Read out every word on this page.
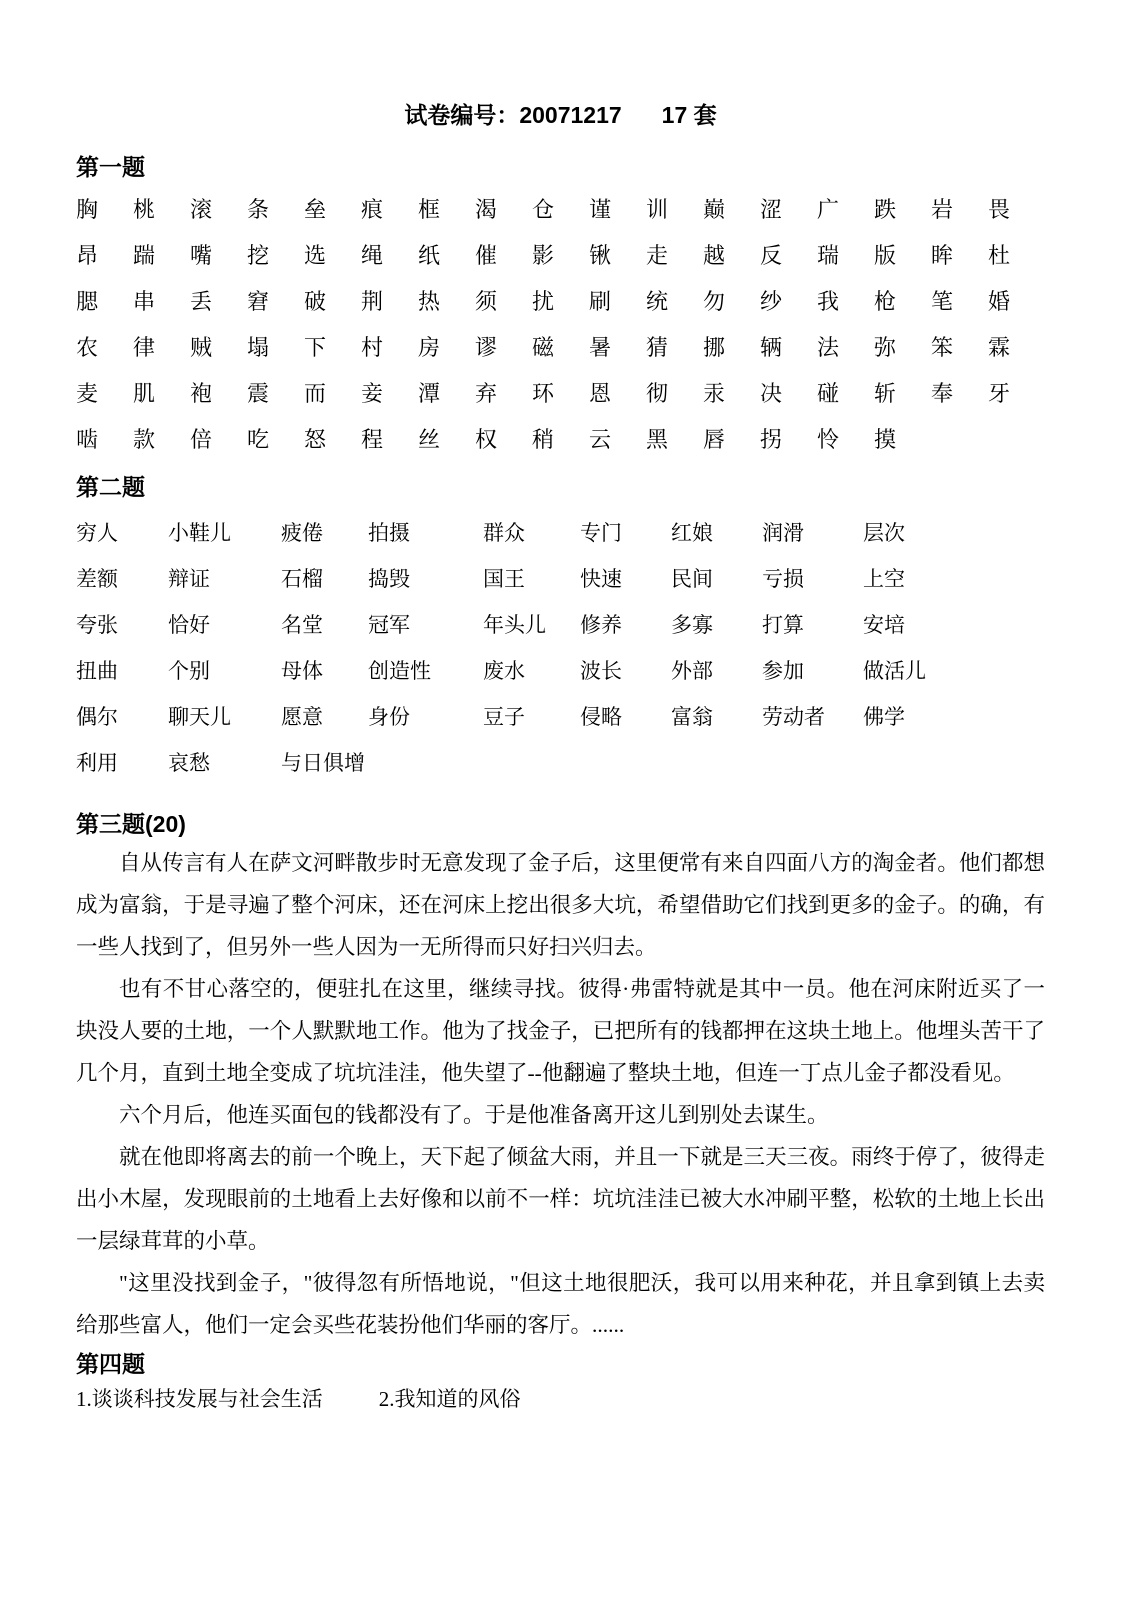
试卷编号：20071217 17 套
第一题
胸	桃	滚	条	垒	痕	框	渴	仓	谨	训	巅	涩	广	跌	岩	畏
昂	踹	嘴	挖	选	绳	纸	催	影	锹	走	越	反	瑞	版	眸	杜
腮	串	丢	窘	破	荆	热	须	扰	刷	统	勿	纱	我	枪	笔	婚
农	律	贼	塌	下	村	房	谬	磁	暑	猜	挪	辆	法	弥	笨	霖
麦	肌	袍	震	而	妾	潭	弃	环	恩	彻	汞	决	碰	斩	奉	牙
啮	款	倍	吃	怒	程	丝	权	稍	云	黑	唇	拐	怜	摸
第二题
穷人	小鞋儿	疲倦	拍摄	群众	专门	红娘	润滑	层次
差额	辩证	石榴	捣毁	国王	快速	民间	亏损	上空
夸张	恰好	名堂	冠军	年头儿	修养	多寡	打算	安培
扭曲	个别	母体	创造性	废水	波长	外部	参加	做活儿
偶尔	聊天儿	愿意	身份	豆子	侵略	富翁	劳动者	佛学
利用	哀愁	与日俱增
第三题(20)

自从传言有人在萨文河畔散步时无意发现了金子后，这里便常有来自四面八方的淘金者。他们都想成为富翁，于是寻遍了整个河床，还在河床上挖出很多大坑，希望借助它们找到更多的金子。的确，有一些人找到了，但另外一些人因为一无所得而只好扫兴归去。

也有不甘心落空的，便驻扎在这里，继续寻找。彼得·弗雷特就是其中一员。他在河床附近买了一块没人要的土地，一个人默默地工作。他为了找金子，已把所有的钱都押在这块土地上。他埋头苦干了几个月，直到土地全变成了坑坑洼洼，他失望了--他翻遍了整块土地，但连一丁点儿金子都没看见。

六个月后，他连买面包的钱都没有了。于是他准备离开这儿到别处去谋生。

就在他即将离去的前一个晚上，天下起了倾盆大雨，并且一下就是三天三夜。雨终于停了，彼得走出小木屋，发现眼前的土地看上去好像和以前不一样：坑坑洼洼已被大水冲刷平整，松软的土地上长出一层绿茸茸的小草。

"这里没找到金子，"彼得忽有所悟地说，"但这土地很肥沃，我可以用来种花，并且拿到镇上去卖给那些富人，他们一定会买些花装扮他们华丽的客厅。......

第四题
1.谈谈科技发展与社会生活	2.我知道的风俗
